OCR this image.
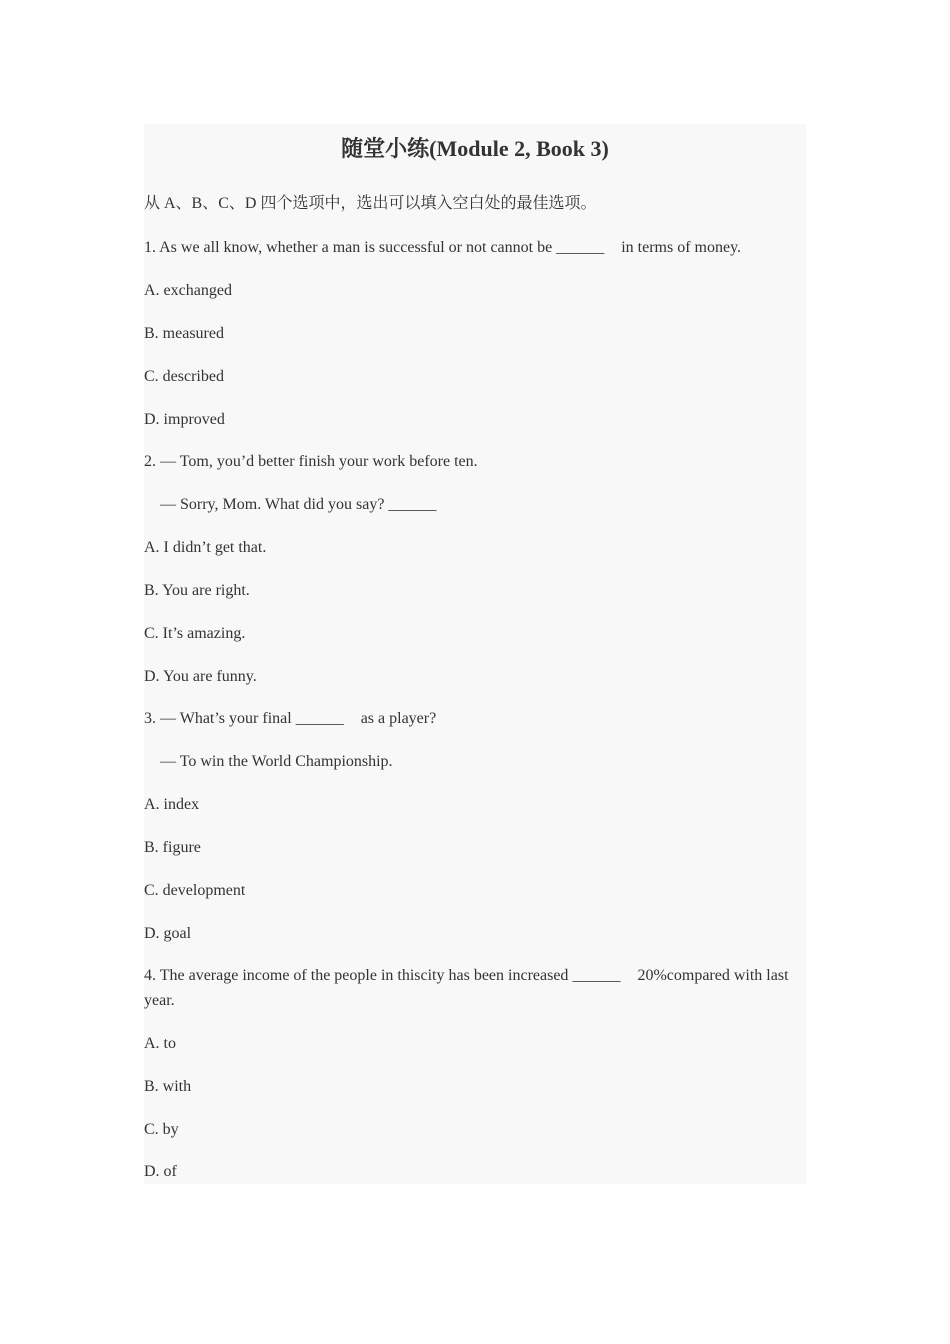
随堂小练(Module 2, Book 3)

从 A、B、C、D 四个选项中，选出可以填入空白处的最佳选项。

1. As we all know, whether a man is successful or not cannot be ______ in terms of money.

A. exchanged

B. measured

C. described

D. improved

2. — Tom, you’d better finish your work before ten.

— Sorry, Mom. What did you say? ______

A. I didn’t get that.

B. You are right.

C. It’s amazing.

D. You are funny.

3. — What’s your final ______ as a player?

— To win the World Championship.

A. index

B. figure

C. development

D. goal

4. The average income of the people in thiscity has been increased ______ 20%compared with last year.

A. to

B. with

C. by

D. of
